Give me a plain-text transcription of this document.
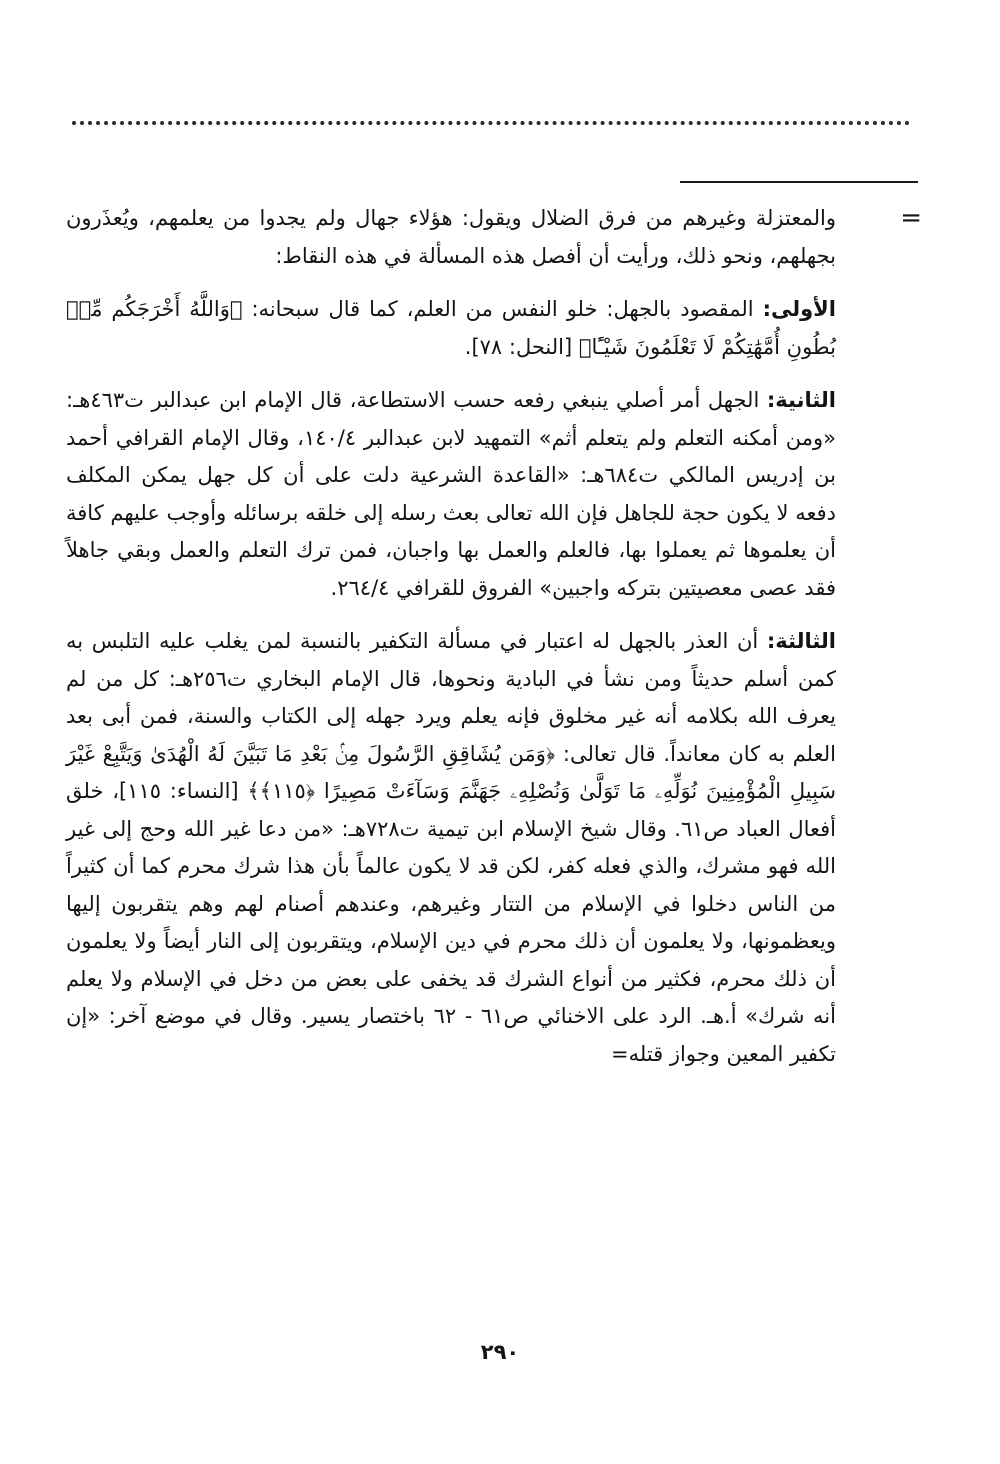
=

والمعتزلة وغيرهم من فرق الضلال ويقول: هؤلاء جهال ولم يجدوا من يعلمهم، ويُعذَرون بجهلهم، ونحو ذلك، ورأيت أن أفصل هذه المسألة في هذه النقاط:

الأولى: المقصود بالجهل: خلو النفس من العلم، كما قال سبحانه: ﴿وَاللَّهُ أَخْرَجَكُم مِّنۢ بُطُونِ أُمَّهَٰتِكُمْ لَا تَعْلَمُونَ شَيْـًٔا﴾ [النحل: ٧٨].

الثانية: الجهل أمر أصلي ينبغي رفعه حسب الاستطاعة، قال الإمام ابن عبدالبر ت٤٦٣هـ: «ومن أمكنه التعلم ولم يتعلم أثم» التمهيد لابن عبدالبر ١٤٠/٤، وقال الإمام القرافي أحمد بن إدريس المالكي ت٦٨٤هـ: «القاعدة الشرعية دلت على أن كل جهل يمكن المكلف دفعه لا يكون حجة للجاهل فإن الله تعالى بعث رسله إلى خلقه برسائله وأوجب عليهم كافة أن يعلموها ثم يعملوا بها، فالعلم والعمل بها واجبان، فمن ترك التعلم والعمل وبقي جاهلاً فقد عصى معصيتين بتركه واجبين» الفروق للقرافي ٢٦٤/٤.

الثالثة: أن العذر بالجهل له اعتبار في مسألة التكفير بالنسبة لمن يغلب عليه التلبس به كمن أسلم حديثاً ومن نشأ في البادية ونحوها، قال الإمام البخاري ت٢٥٦هـ: كل من لم يعرف الله بكلامه أنه غير مخلوق فإنه يعلم ويرد جهله إلى الكتاب والسنة، فمن أبى بعد العلم به كان معانداً. قال تعالى: ﴿وَمَن يُشَاقِقِ الرَّسُولَ مِنۢ بَعْدِ مَا تَبَيَّنَ لَهُ الْهُدَىٰ وَيَتَّبِعْ غَيْرَ سَبِيلِ الْمُؤْمِنِينَ نُوَلِّهِۦ مَا تَوَلَّىٰ وَنُصْلِهِۦ جَهَنَّمَ وَسَآءَتْ مَصِيرًا ﴿١١٥﴾﴾ [النساء: ١١٥]، خلق أفعال العباد ص٦١. وقال شيخ الإسلام ابن تيمية ت٧٢٨هـ: «من دعا غير الله وحج إلى غير الله فهو مشرك، والذي فعله كفر، لكن قد لا يكون عالماً بأن هذا شرك محرم كما أن كثيراً من الناس دخلوا في الإسلام من التتار وغيرهم، وعندهم أصنام لهم وهم يتقربون إليها ويعظمونها، ولا يعلمون أن ذلك محرم في دين الإسلام، ويتقربون إلى النار أيضاً ولا يعلمون أن ذلك محرم، فكثير من أنواع الشرك قد يخفى على بعض من دخل في الإسلام ولا يعلم أنه شرك» أ.هـ. الرد على الاخنائي ص٦١ - ٦٢ باختصار يسير. وقال في موضع آخر: «إن تكفير المعين وجواز قتله=

٢٩٠
